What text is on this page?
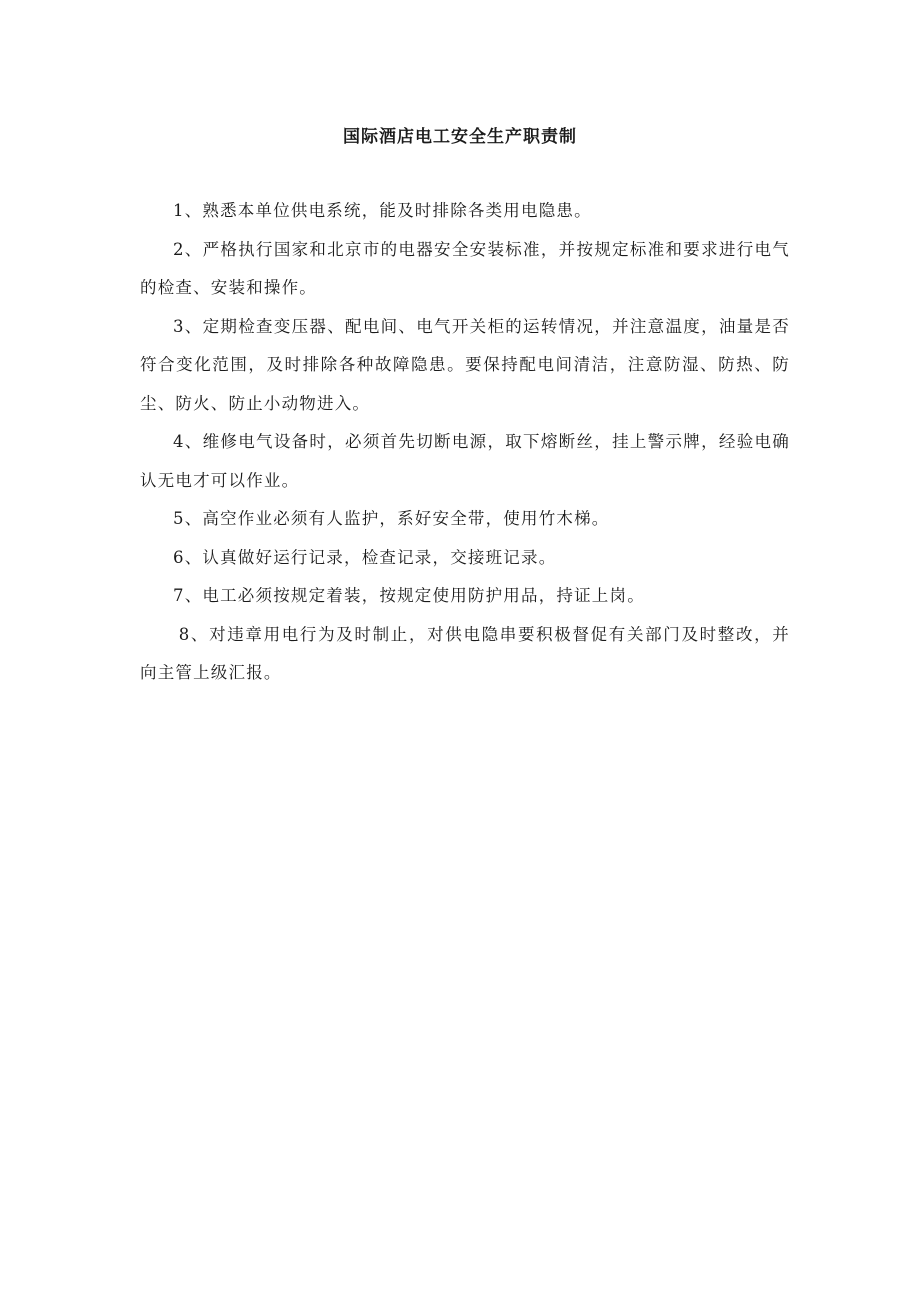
国际酒店电工安全生产职责制

1、熟悉本单位供电系统，能及时排除各类用电隐患。

2、严格执行国家和北京市的电器安全安装标准，并按规定标准和要求进行电气的检查、安装和操作。

3、定期检查变压器、配电间、电气开关柜的运转情况，并注意温度，油量是否符合变化范围，及时排除各种故障隐患。要保持配电间清洁，注意防湿、防热、防尘、防火、防止小动物进入。

4、维修电气设备时，必须首先切断电源，取下熔断丝，挂上警示牌，经验电确认无电才可以作业。

5、高空作业必须有人监护，系好安全带，使用竹木梯。

6、认真做好运行记录，检查记录，交接班记录。

7、电工必须按规定着装，按规定使用防护用品，持证上岗。

8、对违章用电行为及时制止，对供电隐串要积极督促有关部门及时整改，并向主管上级汇报。
